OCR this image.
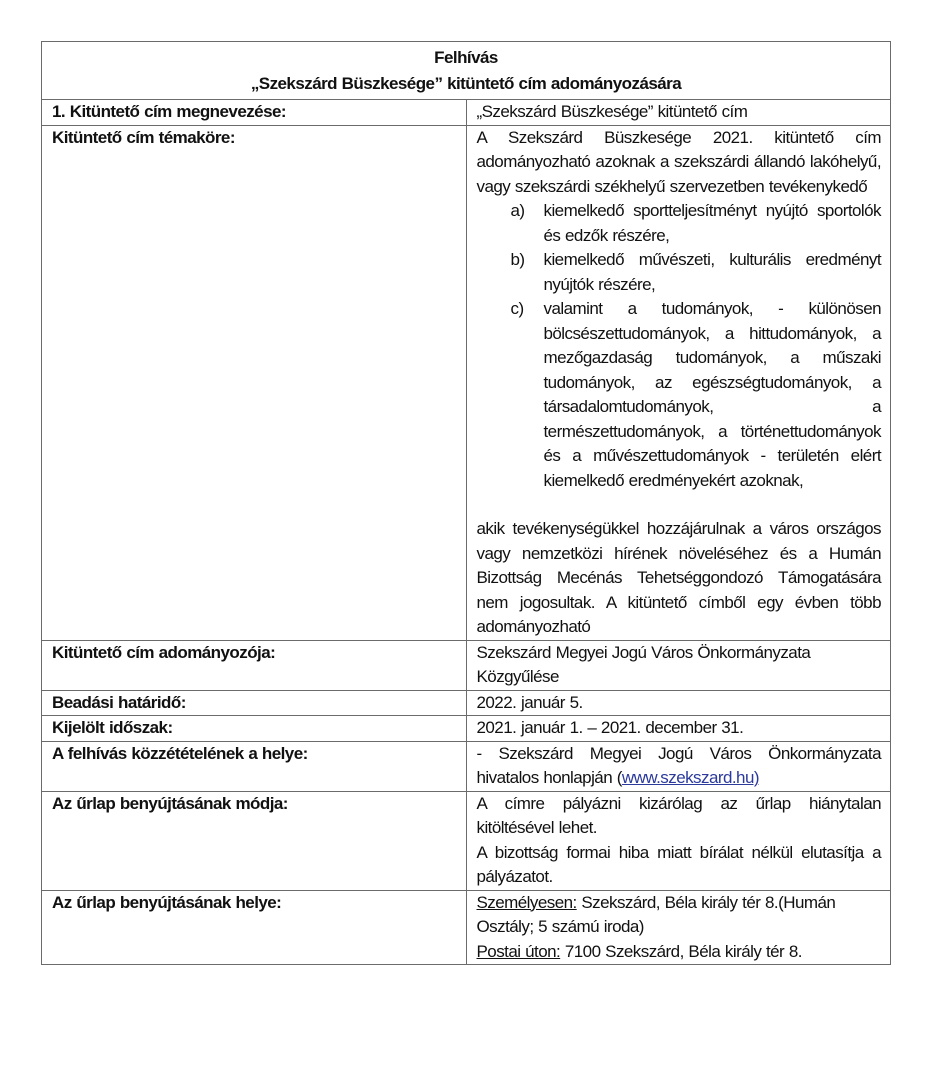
Felhívás
„Szekszárd Büszkesége” kitüntető cím adományozására	

1. Kitüntető cím megnevezése:	„Szekszárd Büszkesége” kitüntető cím
Kitüntető cím témaköre:	A Szekszárd Büszkesége 2021. kitüntető cím adományozható azoknak a szekszárdi állandó lakóhelyű, vagy szekszárdi székhelyű szervezetben tevékenykedő
a) kiemelkedő sportteljesítményt nyújtó sportolók és edzők részére,
b) kiemelkedő művészeti, kulturális eredményt nyújtók részére,
c) valamint a tudományok, - különösen bölcsészettudományok, a hittudományok, a mezőgazdaság tudományok, a műszaki tudományok, az egészségtudományok, a társadalomtudományok, a természettudományok, a történettudományok és a művészettudományok - területén elért kiemelkedő eredményekért azoknak,
akik tevékenységükkel hozzájárulnak a város országos vagy nemzetközi hírének növeléséhez és a Humán Bizottság Mecénás Tehetséggondozó Támogatására nem jogosultak. A kitüntető címből egy évben több adományozható

Kitüntető cím adományozója:	Szekszárd Megyei Jogú Város Önkormányzata Közgyűlése
Beadási határidő:	2022. január 5.
Kijelölt időszak:	2021. január 1. – 2021. december 31.
A felhívás közzétételének a helye:	- Szekszárd Megyei Jogú Város Önkormányzata hivatalos honlapján (www.szekszard.hu)
Az űrlap benyújtásának módja:	A címre pályázni kizárólag az űrlap hiánytalan kitöltésével lehet.
A bizottság formai hiba miatt bírálat nélkül elutasítja a pályázatot.

Az űrlap benyújtásának helye:	Személyesen: Szekszárd, Béla király tér 8.(Humán Osztály; 5 számú iroda)
Postai úton: 7100 Szekszárd, Béla király tér 8.
